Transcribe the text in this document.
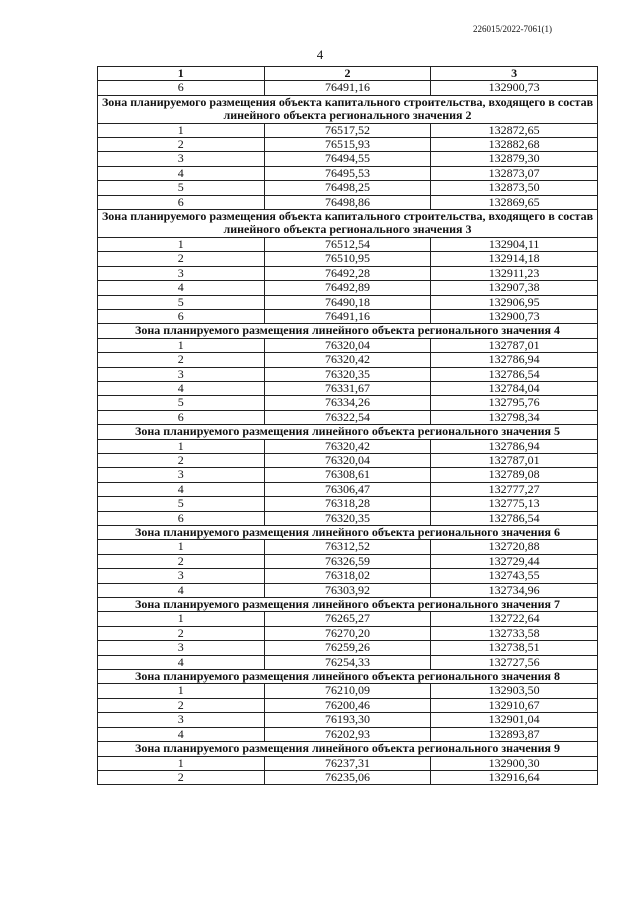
226015/2022-7061(1)
4
1	2	3
6	76491,16	132900,73
Зона планируемого размещения объекта капитального строительства, входящего в состав линейного объекта регионального значения 2		
1	76517,52	132872,65
2	76515,93	132882,68
3	76494,55	132879,30
4	76495,53	132873,07
5	76498,25	132873,50
6	76498,86	132869,65
Зона планируемого размещения объекта капитального строительства, входящего в состав линейного объекта регионального значения 3		
1	76512,54	132904,11
2	76510,95	132914,18
3	76492,28	132911,23
4	76492,89	132907,38
5	76490,18	132906,95
6	76491,16	132900,73
Зона планируемого размещения линейного объекта регионального значения 4		
1	76320,04	132787,01
2	76320,42	132786,94
3	76320,35	132786,54
4	76331,67	132784,04
5	76334,26	132795,76
6	76322,54	132798,34
Зона планируемого размещения линейного объекта регионального значения 5		
1	76320,42	132786,94
2	76320,04	132787,01
3	76308,61	132789,08
4	76306,47	132777,27
5	76318,28	132775,13
6	76320,35	132786,54
Зона планируемого размещения линейного объекта регионального значения 6		
1	76312,52	132720,88
2	76326,59	132729,44
3	76318,02	132743,55
4	76303,92	132734,96
Зона планируемого размещения линейного объекта регионального значения 7		
1	76265,27	132722,64
2	76270,20	132733,58
3	76259,26	132738,51
4	76254,33	132727,56
Зона планируемого размещения линейного объекта регионального значения 8		
1	76210,09	132903,50
2	76200,46	132910,67
3	76193,30	132901,04
4	76202,93	132893,87
Зона планируемого размещения линейного объекта регионального значения 9		
1	76237,31	132900,30
2	76235,06	132916,64
